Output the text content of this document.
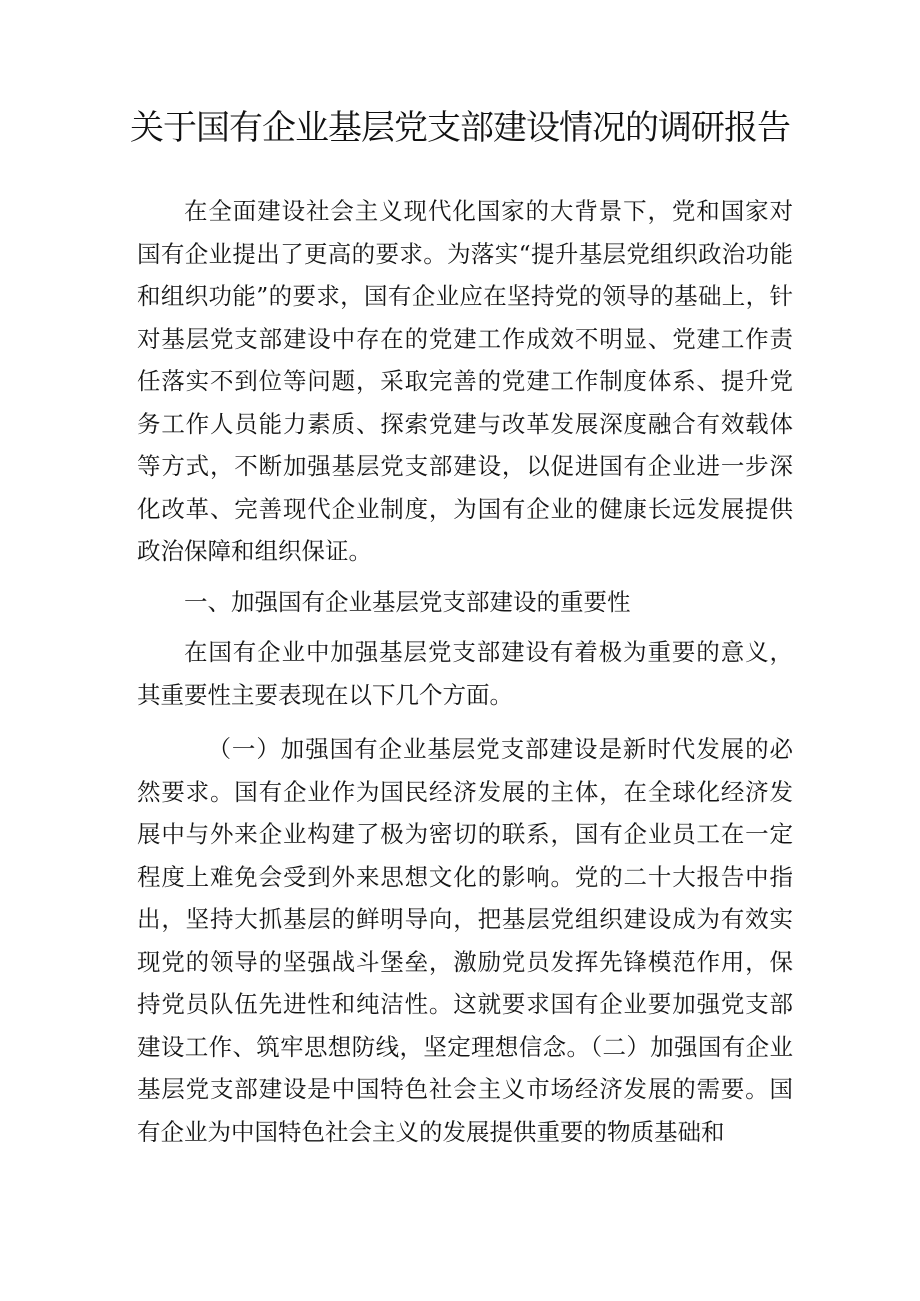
关于国有企业基层党支部建设情况的调研报告

在全面建设社会主义现代化国家的大背景下，党和国家对国有企业提出了更高的要求。为落实“提升基层党组织政治功能和组织功能”的要求，国有企业应在坚持党的领导的基础上，针对基层党支部建设中存在的党建工作成效不明显、党建工作责任落实不到位等问题，采取完善的党建工作制度体系、提升党务工作人员能力素质、探索党建与改革发展深度融合有效载体等方式，不断加强基层党支部建设，以促进国有企业进一步深化改革、完善现代企业制度，为国有企业的健康长远发展提供政治保障和组织保证。

一、加强国有企业基层党支部建设的重要性

在国有企业中加强基层党支部建设有着极为重要的意义，其重要性主要表现在以下几个方面。

（一）加强国有企业基层党支部建设是新时代发展的必然要求。国有企业作为国民经济发展的主体，在全球化经济发展中与外来企业构建了极为密切的联系，国有企业员工在一定程度上难免会受到外来思想文化的影响。党的二十大报告中指出，坚持大抓基层的鲜明导向，把基层党组织建设成为有效实现党的领导的坚强战斗堡垒，激励党员发挥先锋模范作用，保持党员队伍先进性和纯洁性。这就要求国有企业要加强党支部建设工作、筑牢思想防线，坚定理想信念。（二）加强国有企业基层党支部建设是中国特色社会主义市场经济发展的需要。国有企业为中国特色社会主义的发展提供重要的物质基础和
